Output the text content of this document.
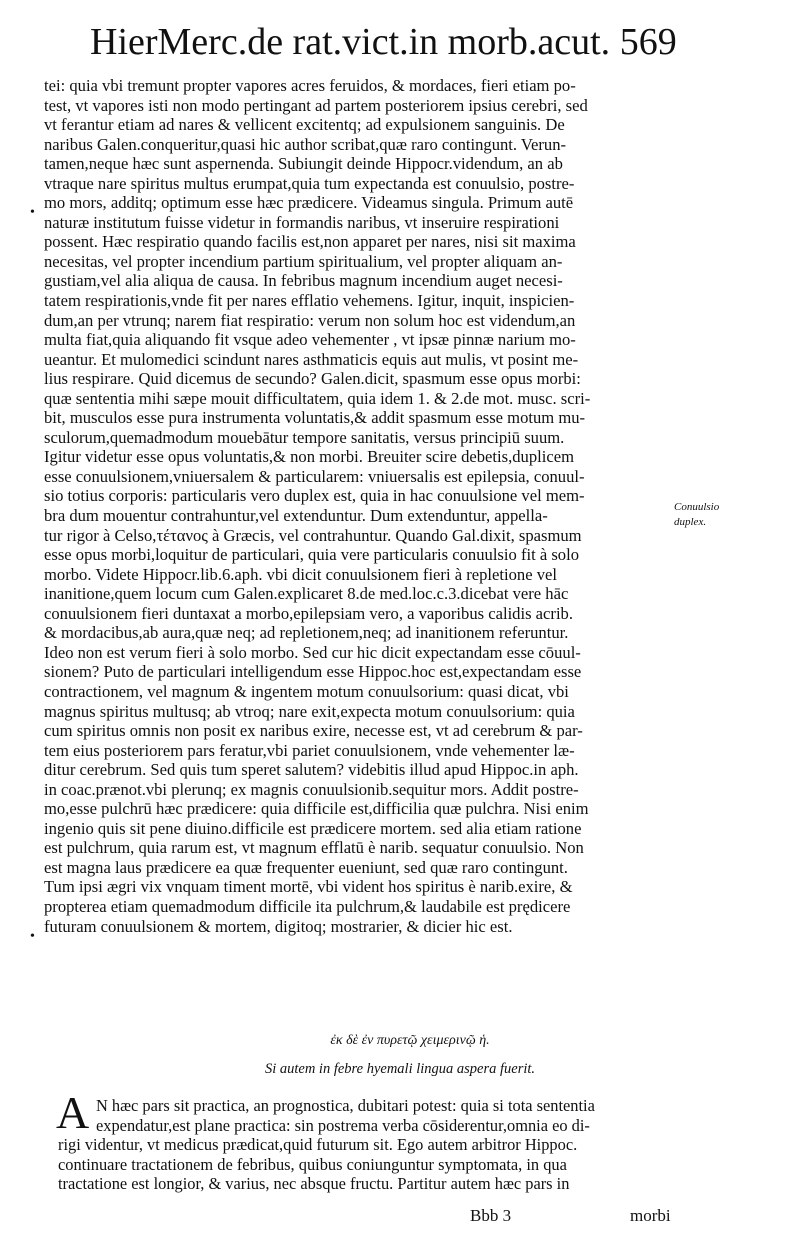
HierMerc.de rat.vict.in morb.acut. 569
tei: quia vbi tremunt propter vapores acres feruidos, & mordaces, fieri etiam po-
test, vt vapores isti non modo pertingant ad partem posteriorem ipsius cerebri, sed
vt ferantur etiam ad nares & vellicent excitentq; ad expulsionem sanguinis. De
naribus Galen.conqueritur,quasi hic author scribat,quæ raro contingunt. Verun-
tamen,neque hæc sunt aspernenda. Subiungit deinde Hippocr.videndum, an ab
vtraque nare spiritus multus erumpat,quia tum expectanda est conuulsio, postre-
mo mors, additq; optimum esse hæc prædicere. Videamus singula. Primum autē
naturæ institutum fuisse videtur in formandis naribus, vt inseruire respirationi
possent. Hæc respiratio quando facilis est,non apparet per nares, nisi sit maxima
necesitas, vel propter incendium partium spiritualium, vel propter aliquam an-
gustiam,vel alia aliqua de causa. In febribus magnum incendium auget necesi-
tatem respirationis,vnde fit per nares efflatio vehemens. Igitur, inquit, inspicien-
dum,an per vtrunq; narem fiat respiratio: verum non solum hoc est videndum,an
multa fiat,quia aliquando fit vsque adeo vehementer , vt ipsæ pinnæ narium mo-
ueantur. Et mulomedici scindunt nares asthmaticis equis aut mulis, vt posint me-
lius respirare. Quid dicemus de secundo? Galen.dicit, spasmum esse opus morbi:
quæ sententia mihi sæpe mouit difficultatem, quia idem 1. & 2.de mot. musc. scri-
bit, musculos esse pura instrumenta voluntatis,& addit spasmum esse motum mu-
sculorum,quemadmodum mouebātur tempore sanitatis, versus principiū suum.
Igitur videtur esse opus voluntatis,& non morbi. Breuiter scire debetis,duplicem
esse conuulsionem,vniuersalem & particularem: vniuersalis est epilepsia, conuul-
sio totius corporis: particularis vero duplex est, quia in hac conuulsione vel mem-
bra dum mouentur contrahuntur,vel extenduntur. Dum extenduntur, appella-
tur rigor à Celso,τέτανος à Græcis, vel contrahuntur. Quando Gal.dixit, spasmum
esse opus morbi,loquitur de particulari, quia vere particularis conuulsio fit à solo
morbo. Videte Hippocr.lib.6.aph. vbi dicit conuulsionem fieri à repletione vel
inanitione,quem locum cum Galen.explicaret 8.de med.loc.c.3.dicebat vere hāc
conuulsionem fieri duntaxat a morbo,epilepsiam vero, a vaporibus calidis acrib.
& mordacibus,ab aura,quæ neq; ad repletionem,neq; ad inanitionem referuntur.
Ideo non est verum fieri à solo morbo. Sed cur hic dicit expectandam esse cōuul-
sionem? Puto de particulari intelligendum esse Hippoc.hoc est,expectandam esse
contractionem, vel magnum & ingentem motum conuulsorium: quasi dicat, vbi
magnus spiritus multusq; ab vtroq; nare exit,expecta motum conuulsorium: quia
cum spiritus omnis non posit ex naribus exire, necesse est, vt ad cerebrum & par-
tem eius posteriorem pars feratur,vbi pariet conuulsionem, vnde vehementer læ-
ditur cerebrum. Sed quis tum speret salutem? videbitis illud apud Hippoc.in aph.
in coac.prænot.vbi plerunq; ex magnis conuulsionib.sequitur mors. Addit postre-
mo,esse pulchrū hæc prædicere: quia difficile est,difficilia quæ pulchra. Nisi enim
ingenio quis sit pene diuino.difficile est prædicere mortem. sed alia etiam ratione
est pulchrum, quia rarum est, vt magnum efflatū è narib. sequatur conuulsio. Non
est magna laus prædicere ea quæ frequenter eueniunt, sed quæ raro contingunt.
Tum ipsi ægri vix vnquam timent mortē, vbi vident hos spiritus è narib.exire, &
propterea etiam quemadmodum difficile ita pulchrum,& laudabile est prędicere
futuram conuulsionem & mortem, digitoq; mostrarier, & dicier hic est.
•
•
Conuulsio
duplex.
ἐκ δὲ ἐν πυρετῷ χειμερινῷ ἡ.
Si autem in febre hyemali lingua aspera fuerit.
A N hæc pars sit practica, an prognostica, dubitari potest: quia si tota sententia
expendatur,est plane practica: sin postrema verba cōsiderentur,omnia eo di-
rigi videntur, vt medicus prædicat,quid futurum sit. Ego autem arbitror Hippoc.
continuare tractationem de febribus, quibus coniunguntur symptomata, in qua
tractatione est longior, & varius, nec absque fructu. Partitur autem hæc pars in
Bbb 3	morbi
